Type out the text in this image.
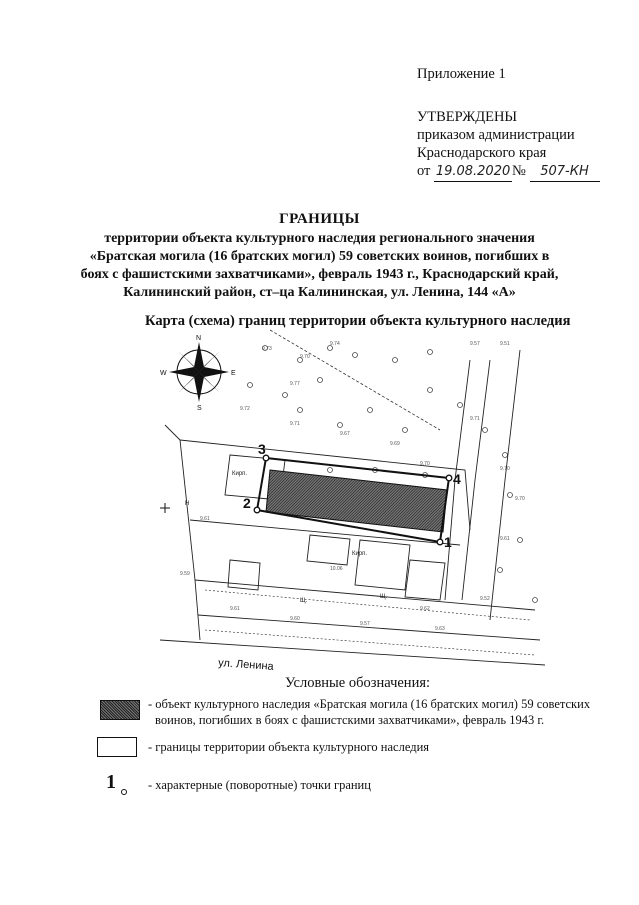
Приложение 1
УТВЕРЖДЕНЫ
приказом администрации
Краснодарского края
от 19.08.2020 № 507-КН
ГРАНИЦЫ
территории объекта культурного наследия регионального значения
«Братская могила (16 братских могил) 59 советских воинов, погибших в
боях с фашистскими захватчиками», февраль 1943 г., Краснодарский край,
Калининский район, ст–ца Калининская, ул. Ленина, 144 «А»
Карта (схема) границ территории объекта культурного наследия
9.73
9.70
9.74
9.77
9.72
9.71
9.67
9.69
9.70
9.71
9.70
9.70
9.61
9.52
9.62
9.57
9.60
9.61
9.59
9.61
10.06
9.63
9.57	9.51
1
2
3
4
Кирп.
Кирп.
Щ.
Щ.
Н
ул. Ленина
N
E
S
W
Условные обозначения:
- объект культурного наследия «Братская могила (16 братских могил) 59 советских
воинов, погибших в боях с фашистскими захватчиками», февраль 1943 г.
- границы территории объекта культурного наследия
1	- характерные (поворотные) точки границ
